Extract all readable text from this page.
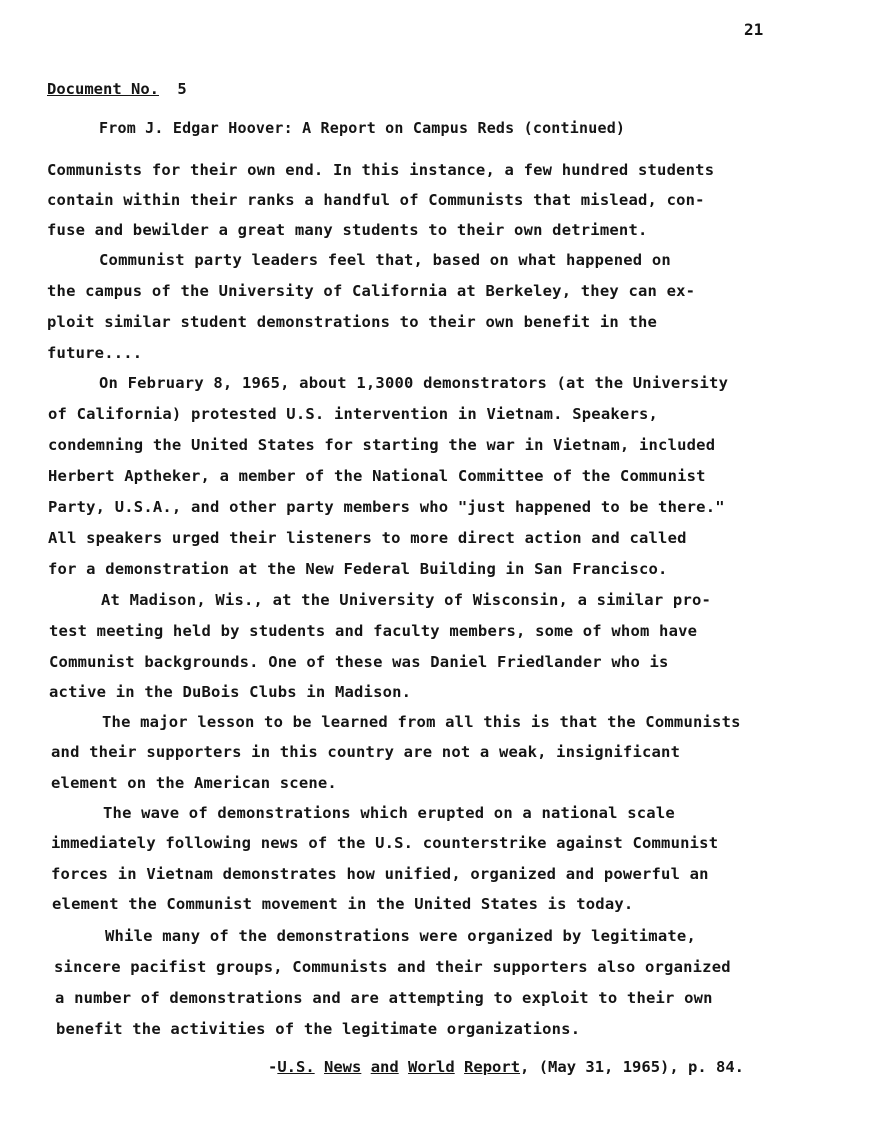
21
Document No. 5
From J. Edgar Hoover: A Report on Campus Reds (continued)
Communists for their own end. In this instance, a few hundred students
contain within their ranks a handful of Communists that mislead, con-
fuse and bewilder a great many students to their own detriment.
Communist party leaders feel that, based on what happened on
the campus of the University of California at Berkeley, they can ex-
ploit similar student demonstrations to their own benefit in the
future....
On February 8, 1965, about 1,3000 demonstrators (at the University
of California) protested U.S. intervention in Vietnam. Speakers,
condemning the United States for starting the war in Vietnam, included
Herbert Aptheker, a member of the National Committee of the Communist
Party, U.S.A., and other party members who "just happened to be there."
All speakers urged their listeners to more direct action and called
for a demonstration at the New Federal Building in San Francisco.
At Madison, Wis., at the University of Wisconsin, a similar pro-
test meeting held by students and faculty members, some of whom have
Communist backgrounds. One of these was Daniel Friedlander who is
active in the DuBois Clubs in Madison.
The major lesson to be learned from all this is that the Communists
and their supporters in this country are not a weak, insignificant
element on the American scene.
The wave of demonstrations which erupted on a national scale
immediately following news of the U.S. counterstrike against Communist
forces in Vietnam demonstrates how unified, organized and powerful an
element the Communist movement in the United States is today.
While many of the demonstrations were organized by legitimate,
sincere pacifist groups, Communists and their supporters also organized
a number of demonstrations and are attempting to exploit to their own
benefit the activities of the legitimate organizations.
-U.S. News and World Report, (May 31, 1965), p. 84.
